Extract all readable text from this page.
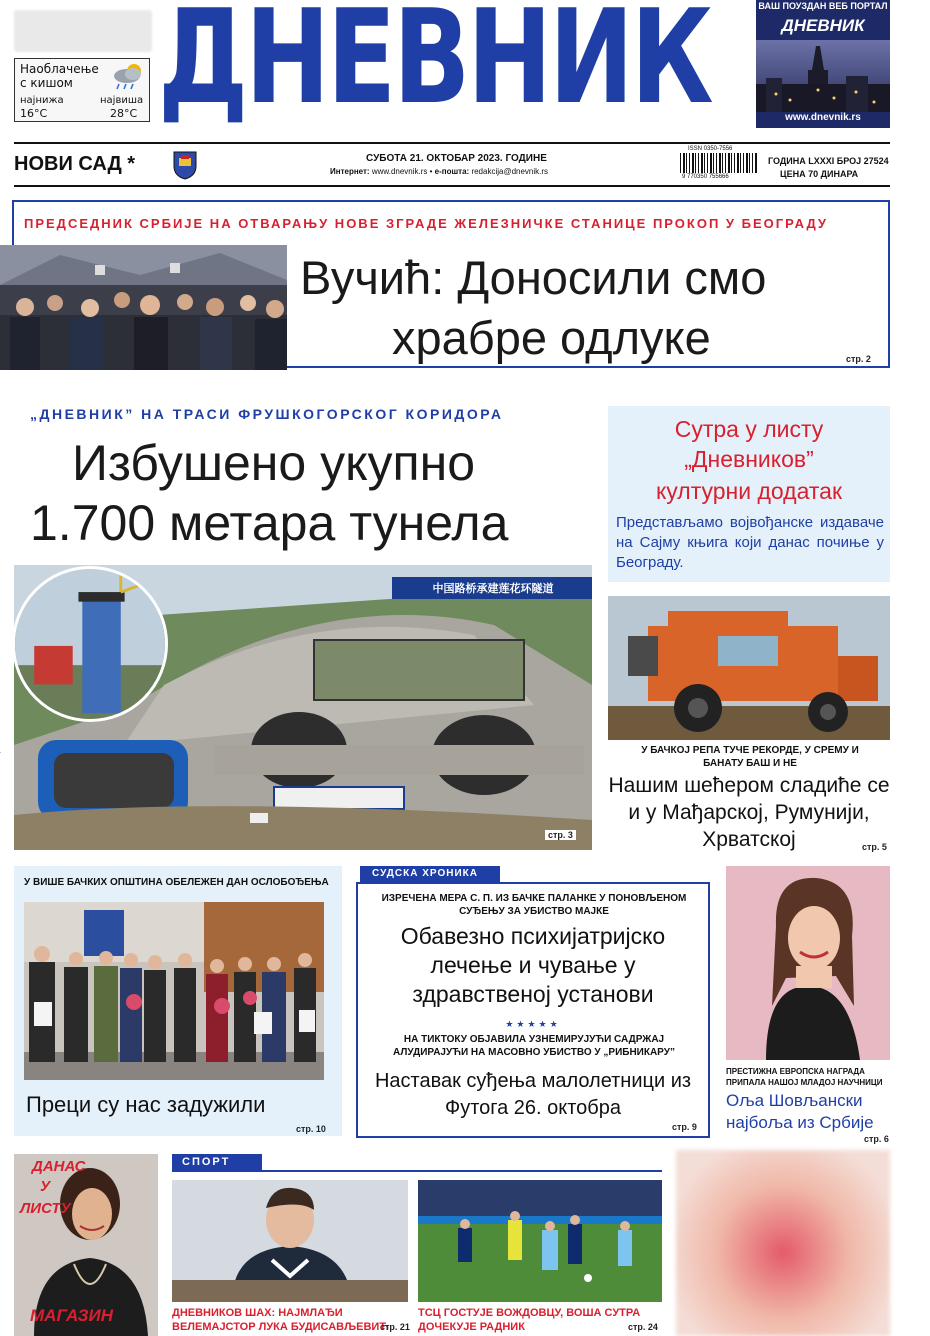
Наоблачење
с кишом
најнижа	највиша
16°C	28°C ДНЕВНИК	ВАШ ПОУЗДАН ВЕБ ПОРТАЛ
ДНЕВНИК
www.dnevnik.rs
НОВИ САД *	СУБОТА 21. ОКТОБАР 2023. ГОДИНЕ
Интернет: www.dnevnik.rs • е-пошта: redakcija@dnevnik.rs
ISSN 0350-7556
9 770350 755666
ГОДИНА LXXXI БРОЈ 27524
ЦЕНА 70 ДИНАРА
ПРЕДСЕДНИК СРБИЈЕ НА ОТВАРАЊУ НОВЕ ЗГРАДЕ ЖЕЛЕЗНИЧКЕ СТАНИЦЕ ПРОКОП У БЕОГРАДУ
Вучић: Доносили смо
храбре одлуке	стр. 2
„ДНЕВНИК” НА ТРАСИ ФРУШКОГОРСКОГ КОРИДОРА
Избушено укупно
1.700 метара тунела
中国路桥承建莲花环隧道
стр. 3
Сутра у листу
„Дневников”
културни додатак
Представљамо војвођанске издаваче на Сајму књига који данас почиње у Београду.
У БАЧКОЈ РЕПА ТУЧЕ РЕКОРДЕ, У СРЕМУ И БАНАТУ БАШ И НЕ
Нашим шећером сладиће се и у Мађарској, Румунији, Хрватској	стр. 5
У ВИШЕ БАЧКИХ ОПШТИНА ОБЕЛЕЖЕН ДАН ОСЛОБОЂЕЊА
Преци су нас задужили
стр. 10
СУДСКА ХРОНИКА
ИЗРЕЧЕНА МЕРА С. П. ИЗ БАЧКЕ ПАЛАНКЕ У ПОНОВЉЕНОМ СУЂЕЊУ ЗА УБИСТВО МАЈКЕ
Обавезно психијатријско лечење и чување у здравственој установи
★★★★★
НА ТИКТОКУ ОБЈАВИЛА УЗНЕМИРУЈУЋИ САДРЖАЈ АЛУДИРАЈУЋИ НА МАСОВНО УБИСТВО У „РИБНИКАРУ”
Наставак суђења малолетници из Футога 26. октобра
стр. 9
ПРЕСТИЖНА ЕВРОПСКА НАГРАДА ПРИПАЛА НАШОЈ МЛАДОЈ НАУЧНИЦИ
Ољa Шовљански најбоља из Србије
стр. 6
ДАНАС
У
ЛИСТУ
МАГАЗИН
СПОРТ
ДНЕВНИКОВ ШАХ: НАЈМЛАЂИ ВЕЛЕМАЈСТОР ЛУКА БУДИСАВЉЕВИЋ
стр. 21
ТСЦ ГОСТУЈЕ ВОЖДОВЦУ, ВОША СУТРА ДОЧЕКУЈЕ РАДНИК	стр. 24
